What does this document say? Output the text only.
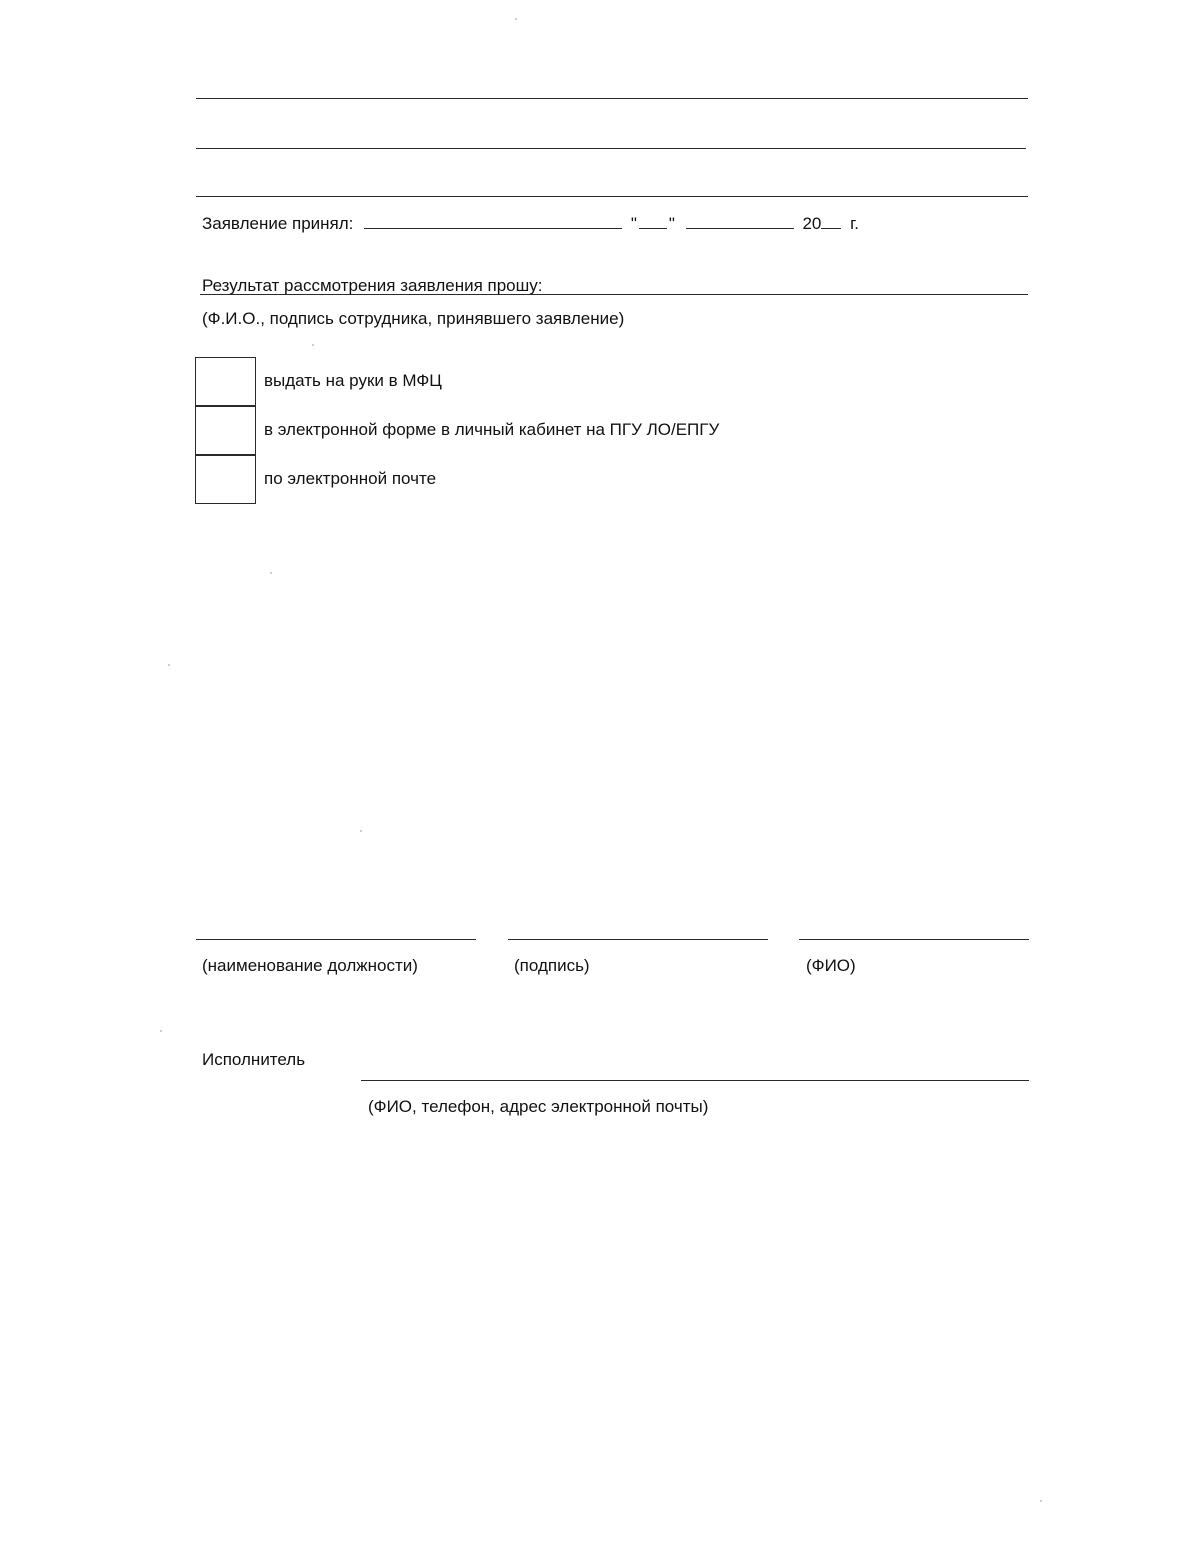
Заявление принял:	" "	20 г.
Результат рассмотрения заявления прошу:
(Ф.И.О., подпись сотрудника, принявшего заявление)
выдать на руки в МФЦ
в электронной форме в личный кабинет на ПГУ ЛО/ЕПГУ
по электронной почте
(наименование должности)	(подпись)	(ФИО)
Исполнитель
(ФИО, телефон, адрес электронной почты)
